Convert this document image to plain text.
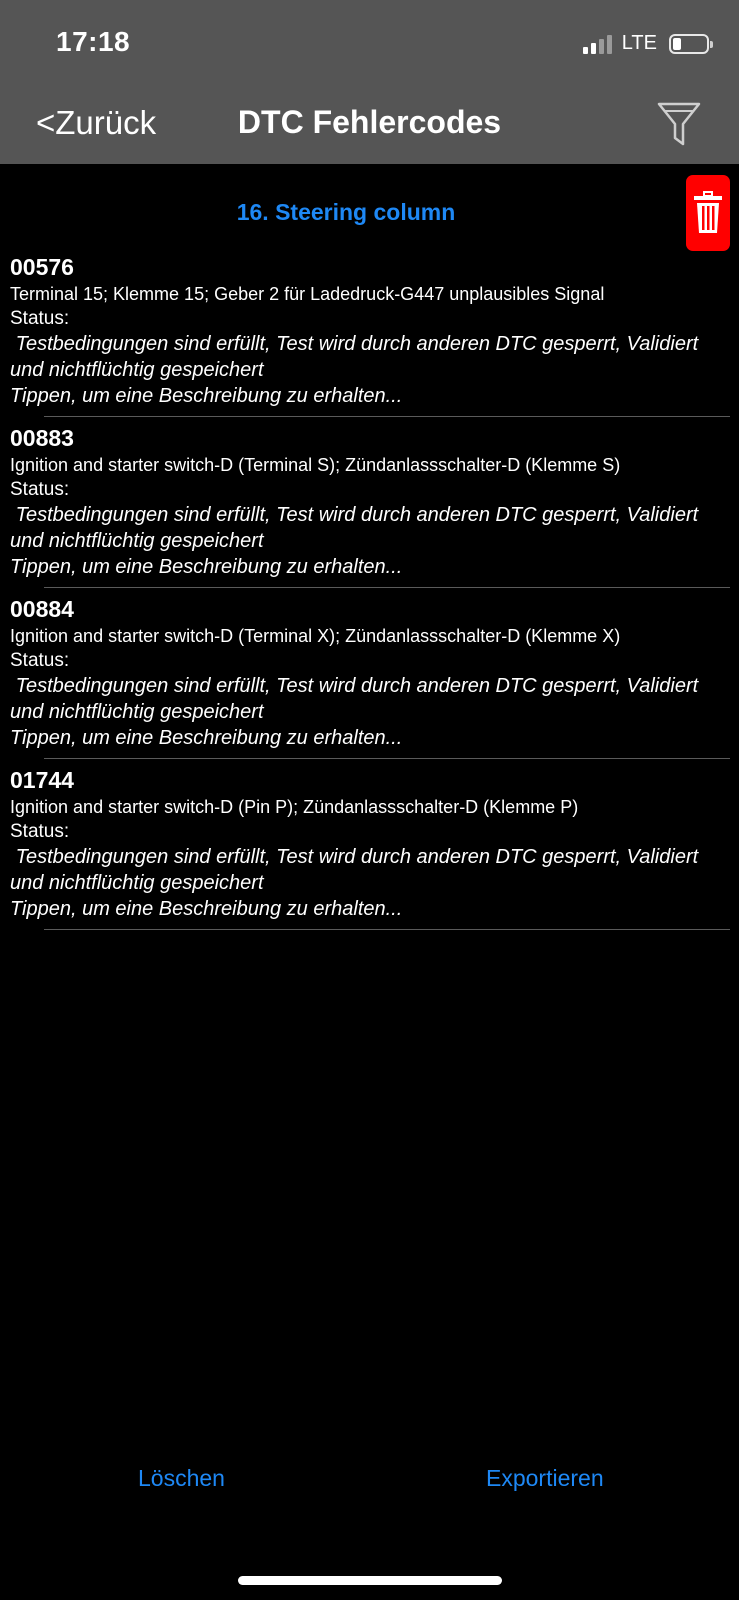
17:18	LTE
<Zurück	DTC Fehlercodes
16. Steering column
00576
Terminal 15; Klemme 15; Geber 2 für Ladedruck-G447 unplausibles Signal
Status:
Testbedingungen sind erfüllt, Test wird durch anderen DTC gesperrt, Validiert und nichtflüchtig gespeichert
Tippen, um eine Beschreibung zu erhalten...
00883
Ignition and starter switch-D (Terminal S); Zündanlassschalter-D (Klemme S)
Status:
Testbedingungen sind erfüllt, Test wird durch anderen DTC gesperrt, Validiert und nichtflüchtig gespeichert
Tippen, um eine Beschreibung zu erhalten...
00884
Ignition and starter switch-D (Terminal X); Zündanlassschalter-D (Klemme X)
Status:
Testbedingungen sind erfüllt, Test wird durch anderen DTC gesperrt, Validiert und nichtflüchtig gespeichert
Tippen, um eine Beschreibung zu erhalten...
01744
Ignition and starter switch-D (Pin P); Zündanlassschalter-D (Klemme P)
Status:
Testbedingungen sind erfüllt, Test wird durch anderen DTC gesperrt, Validiert und nichtflüchtig gespeichert
Tippen, um eine Beschreibung zu erhalten...
Löschen	Exportieren
